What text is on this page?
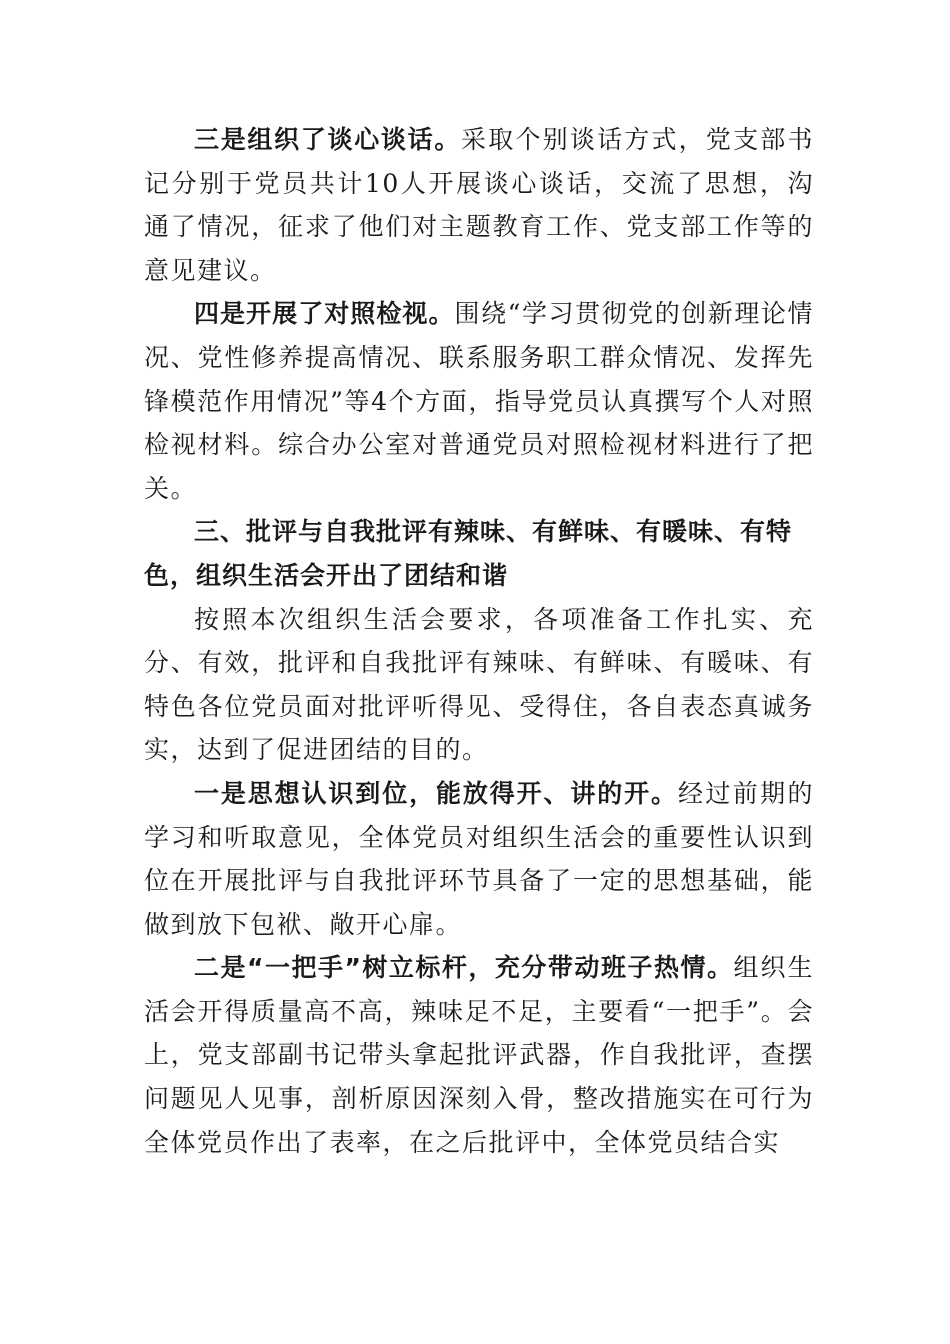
三是组织了谈心谈话。采取个别谈话方式，党支部书记分别于党员共计10人开展谈心谈话，交流了思想，沟通了情况，征求了他们对主题教育工作、党支部工作等的意见建议。

四是开展了对照检视。围绕“学习贯彻党的创新理论情况、党性修养提高情况、联系服务职工群众情况、发挥先锋模范作用情况”等4个方面，指导党员认真撰写个人对照检视材料。综合办公室对普通党员对照检视材料进行了把关。

三、批评与自我批评有辣味、有鲜味、有暖味、有特色，组织生活会开出了团结和谐

按照本次组织生活会要求，各项准备工作扎实、充分、有效，批评和自我批评有辣味、有鲜味、有暖味、有特色各位党员面对批评听得见、受得住，各自表态真诚务实，达到了促进团结的目的。

一是思想认识到位，能放得开、讲的开。经过前期的学习和听取意见，全体党员对组织生活会的重要性认识到位在开展批评与自我批评环节具备了一定的思想基础，能做到放下包袱、敞开心扉。

二是“一把手”树立标杆，充分带动班子热情。组织生活会开得质量高不高，辣味足不足，主要看“一把手”。会上，党支部副书记带头拿起批评武器，作自我批评，查摆问题见人见事，剖析原因深刻入骨，整改措施实在可行为全体党员作出了表率，在之后批评中，全体党员结合实
